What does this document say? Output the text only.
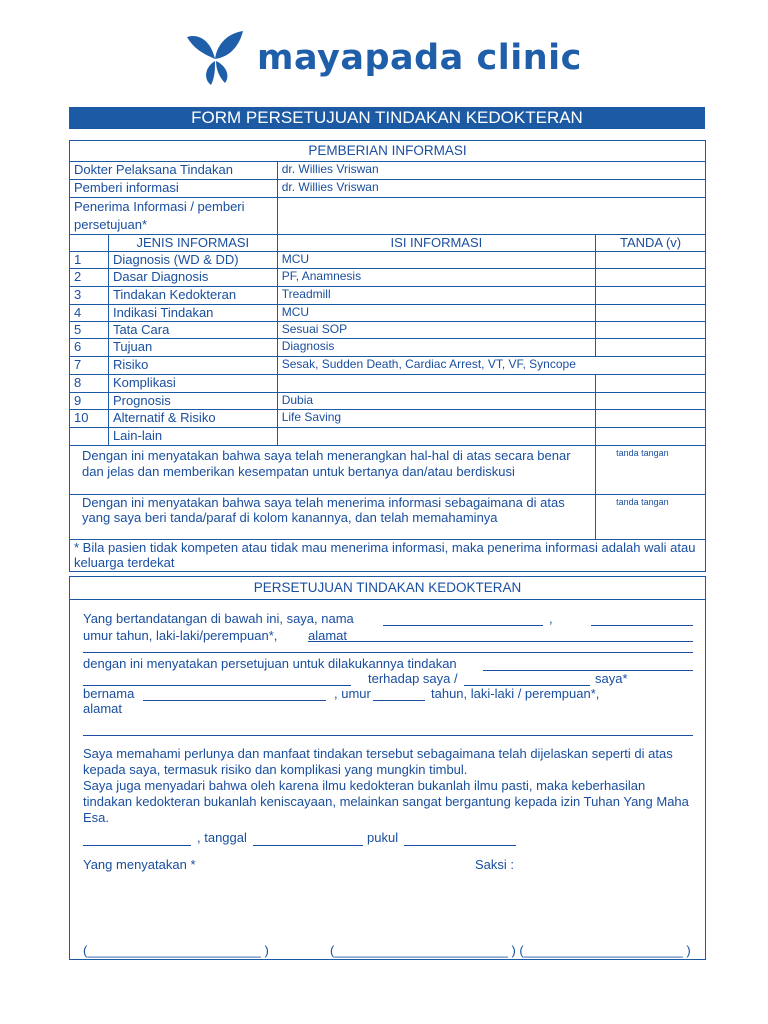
mayapada clinic
FORM PERSETUJUAN TINDAKAN KEDOKTERAN
PEMBERIAN INFORMASI			
Dokter Pelaksana Tindakan		dr. Willies Vriswan	
Pemberi informasi		dr. Willies Vriswan	
Penerima Informasi / pemberi persetujuan*			
	JENIS INFORMASI	ISI INFORMASI	TANDA (v)
1	Diagnosis (WD & DD)	MCU	
2	Dasar Diagnosis	PF, Anamnesis	
3	Tindakan Kedokteran	Treadmill	
4	Indikasi Tindakan	MCU	
5	Tata Cara	Sesuai SOP	
6	Tujuan	Diagnosis	
7	Risiko	Sesak, Sudden Death, Cardiac Arrest, VT, VF, Syncope	
8	Komplikasi		
9	Prognosis	Dubia	
10	Alternatif & Risiko	Life Saving	
	Lain-lain		
Dengan ini menyatakan bahwa saya telah menerangkan hal-hal di atas secara benar dan jelas dan memberikan kesempatan untuk bertanya dan/atau berdiskusi			tanda tangan
Dengan ini menyatakan bahwa saya telah menerima informasi sebagaimana di atas yang saya beri tanda/paraf di kolom kanannya, dan telah memahaminya			tanda tangan
* Bila pasien tidak kompeten atau tidak mau menerima informasi, maka penerima informasi adalah wali atau keluarga terdekat			
PERSETUJUAN TINDAKAN KEDOKTERAN
Yang bertandatangan di bawah ini, saya, nama	,
umur tahun, laki-laki/perempuan*, alamat
dengan ini menyatakan persetujuan untuk dilakukannya tindakan
terhadap saya /	saya*
bernama	, umur	tahun, laki-laki / perempuan*,
alamat
Saya memahami perlunya dan manfaat tindakan tersebut sebagaimana telah dijelaskan seperti di atas kepada saya, termasuk risiko dan komplikasi yang mungkin timbul.
Saya juga menyadari bahwa oleh karena ilmu kedokteran bukanlah ilmu pasti, maka keberhasilan tindakan kedokteran bukanlah keniscayaan, melainkan sangat bergantung kepada izin Tuhan Yang Maha Esa.
, tanggal	pukul
Yang menyatakan *	Saksi :
(________________________ )	(________________________ ) (______________________ )
